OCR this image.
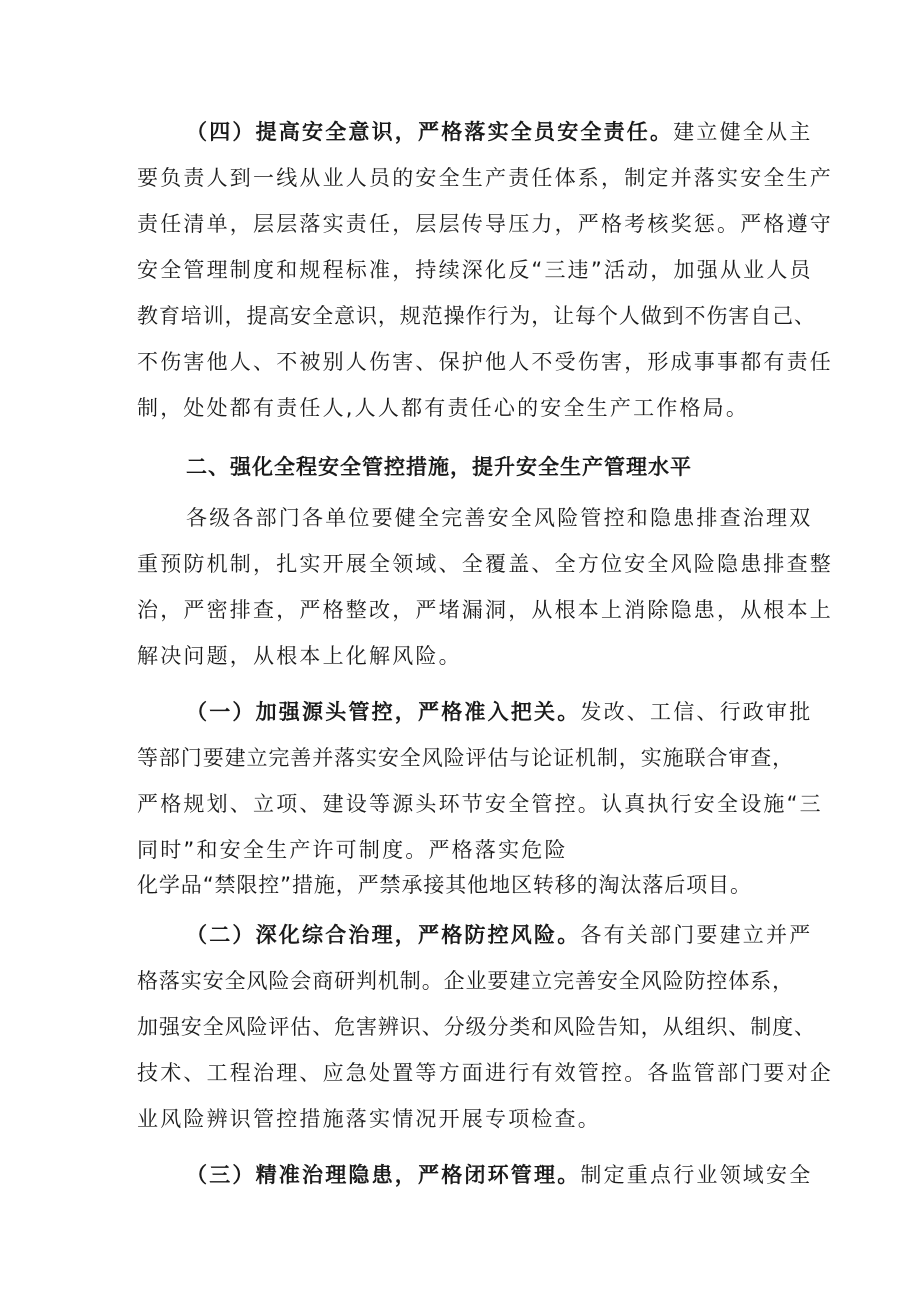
（四）提高安全意识，严格落实全员安全责任。建立健全从主
要负责人到一线从业人员的安全生产责任体系，制定并落实安全生产
责任清单，层层落实责任，层层传导压力，严格考核奖惩。严格遵守
安全管理制度和规程标准，持续深化反“三违”活动，加强从业人员
教育培训，提高安全意识，规范操作行为，让每个人做到不伤害自己、
不伤害他人、不被别人伤害、保护他人不受伤害，形成事事都有责任
制，处处都有责任人,人人都有责任心的安全生产工作格局。
二、强化全程安全管控措施，提升安全生产管理水平
各级各部门各单位要健全完善安全风险管控和隐患排查治理双
重预防机制，扎实开展全领域、全覆盖、全方位安全风险隐患排查整
治，严密排查，严格整改，严堵漏洞，从根本上消除隐患，从根本上
解决问题，从根本上化解风险。
（一）加强源头管控，严格准入把关。发改、工信、行政审批
等部门要建立完善并落实安全风险评估与论证机制，实施联合审查，
严格规划、立项、建设等源头环节安全管控。认真执行安全设施“三
同时”和安全生产许可制度。严格落实危险
化学品“禁限控”措施，严禁承接其他地区转移的淘汰落后项目。
（二）深化综合治理，严格防控风险。各有关部门要建立并严
格落实安全风险会商研判机制。企业要建立完善安全风险防控体系，
加强安全风险评估、危害辨识、分级分类和风险告知，从组织、制度、
技术、工程治理、应急处置等方面进行有效管控。各监管部门要对企
业风险辨识管控措施落实情况开展专项检查。
（三）精准治理隐患，严格闭环管理。制定重点行业领域安全
